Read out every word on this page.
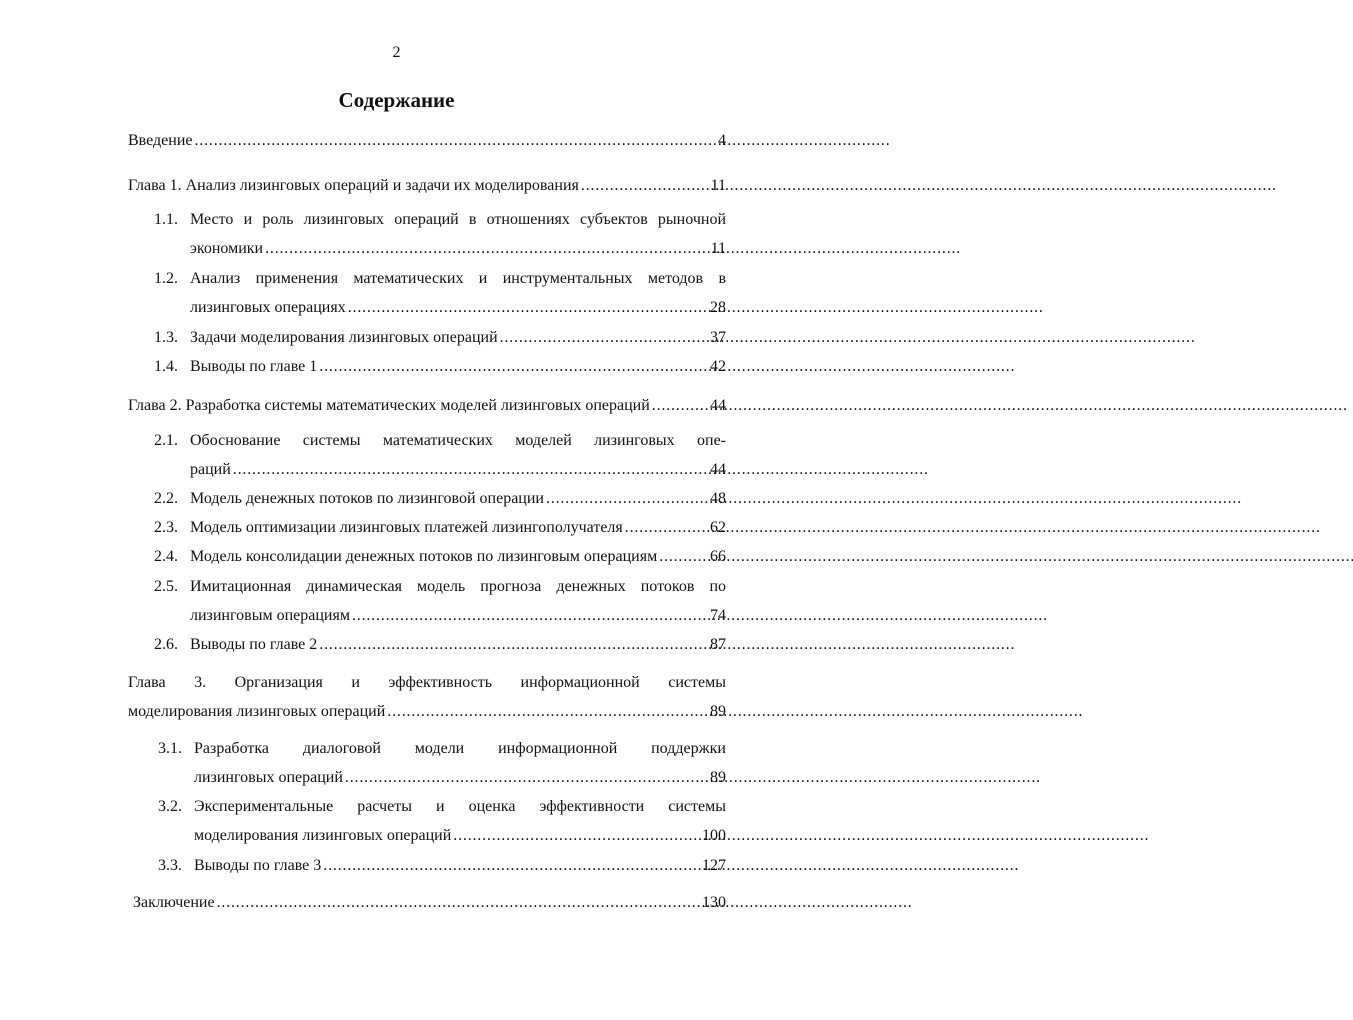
2
Содержание
Введение . . .	4
Глава 1. Анализ лизинговых операций и задачи их моделирования . . .	11
1.1. Место и роль лизинговых операций в отношениях субъектов рыночной
экономики . . .	11
1.2. Анализ применения математических и инструментальных методов в
лизинговых операциях . . .	28
1.3. Задачи моделирования лизинговых операций . . .	37
1.4. Выводы по главе 1 . . .	42
Глава 2. Разработка системы математических моделей лизинговых операций . . .	44
2.1. Обоснование системы математических моделей лизинговых опе-
раций . . .	44
2.2. Модель денежных потоков по лизинговой операции . . .	48
2.3. Модель оптимизации лизинговых платежей лизингополучателя . . .	62
2.4. Модель консолидации денежных потоков по лизинговым операциям . . .	66
2.5. Имитационная динамическая модель прогноза денежных потоков по
лизинговым операциям . . .	74
2.6. Выводы по главе 2 . . .	87
Глава 3. Организация и эффективность информационной системы
моделирования лизинговых операций . . .	89
3.1. Разработка диалоговой модели информационной поддержки
лизинговых операций . . .	89
3.2. Экспериментальные расчеты и оценка эффективности системы
моделирования лизинговых операций . . .	100
3.3. Выводы по главе 3 . . .	127
Заключение . . .	130
